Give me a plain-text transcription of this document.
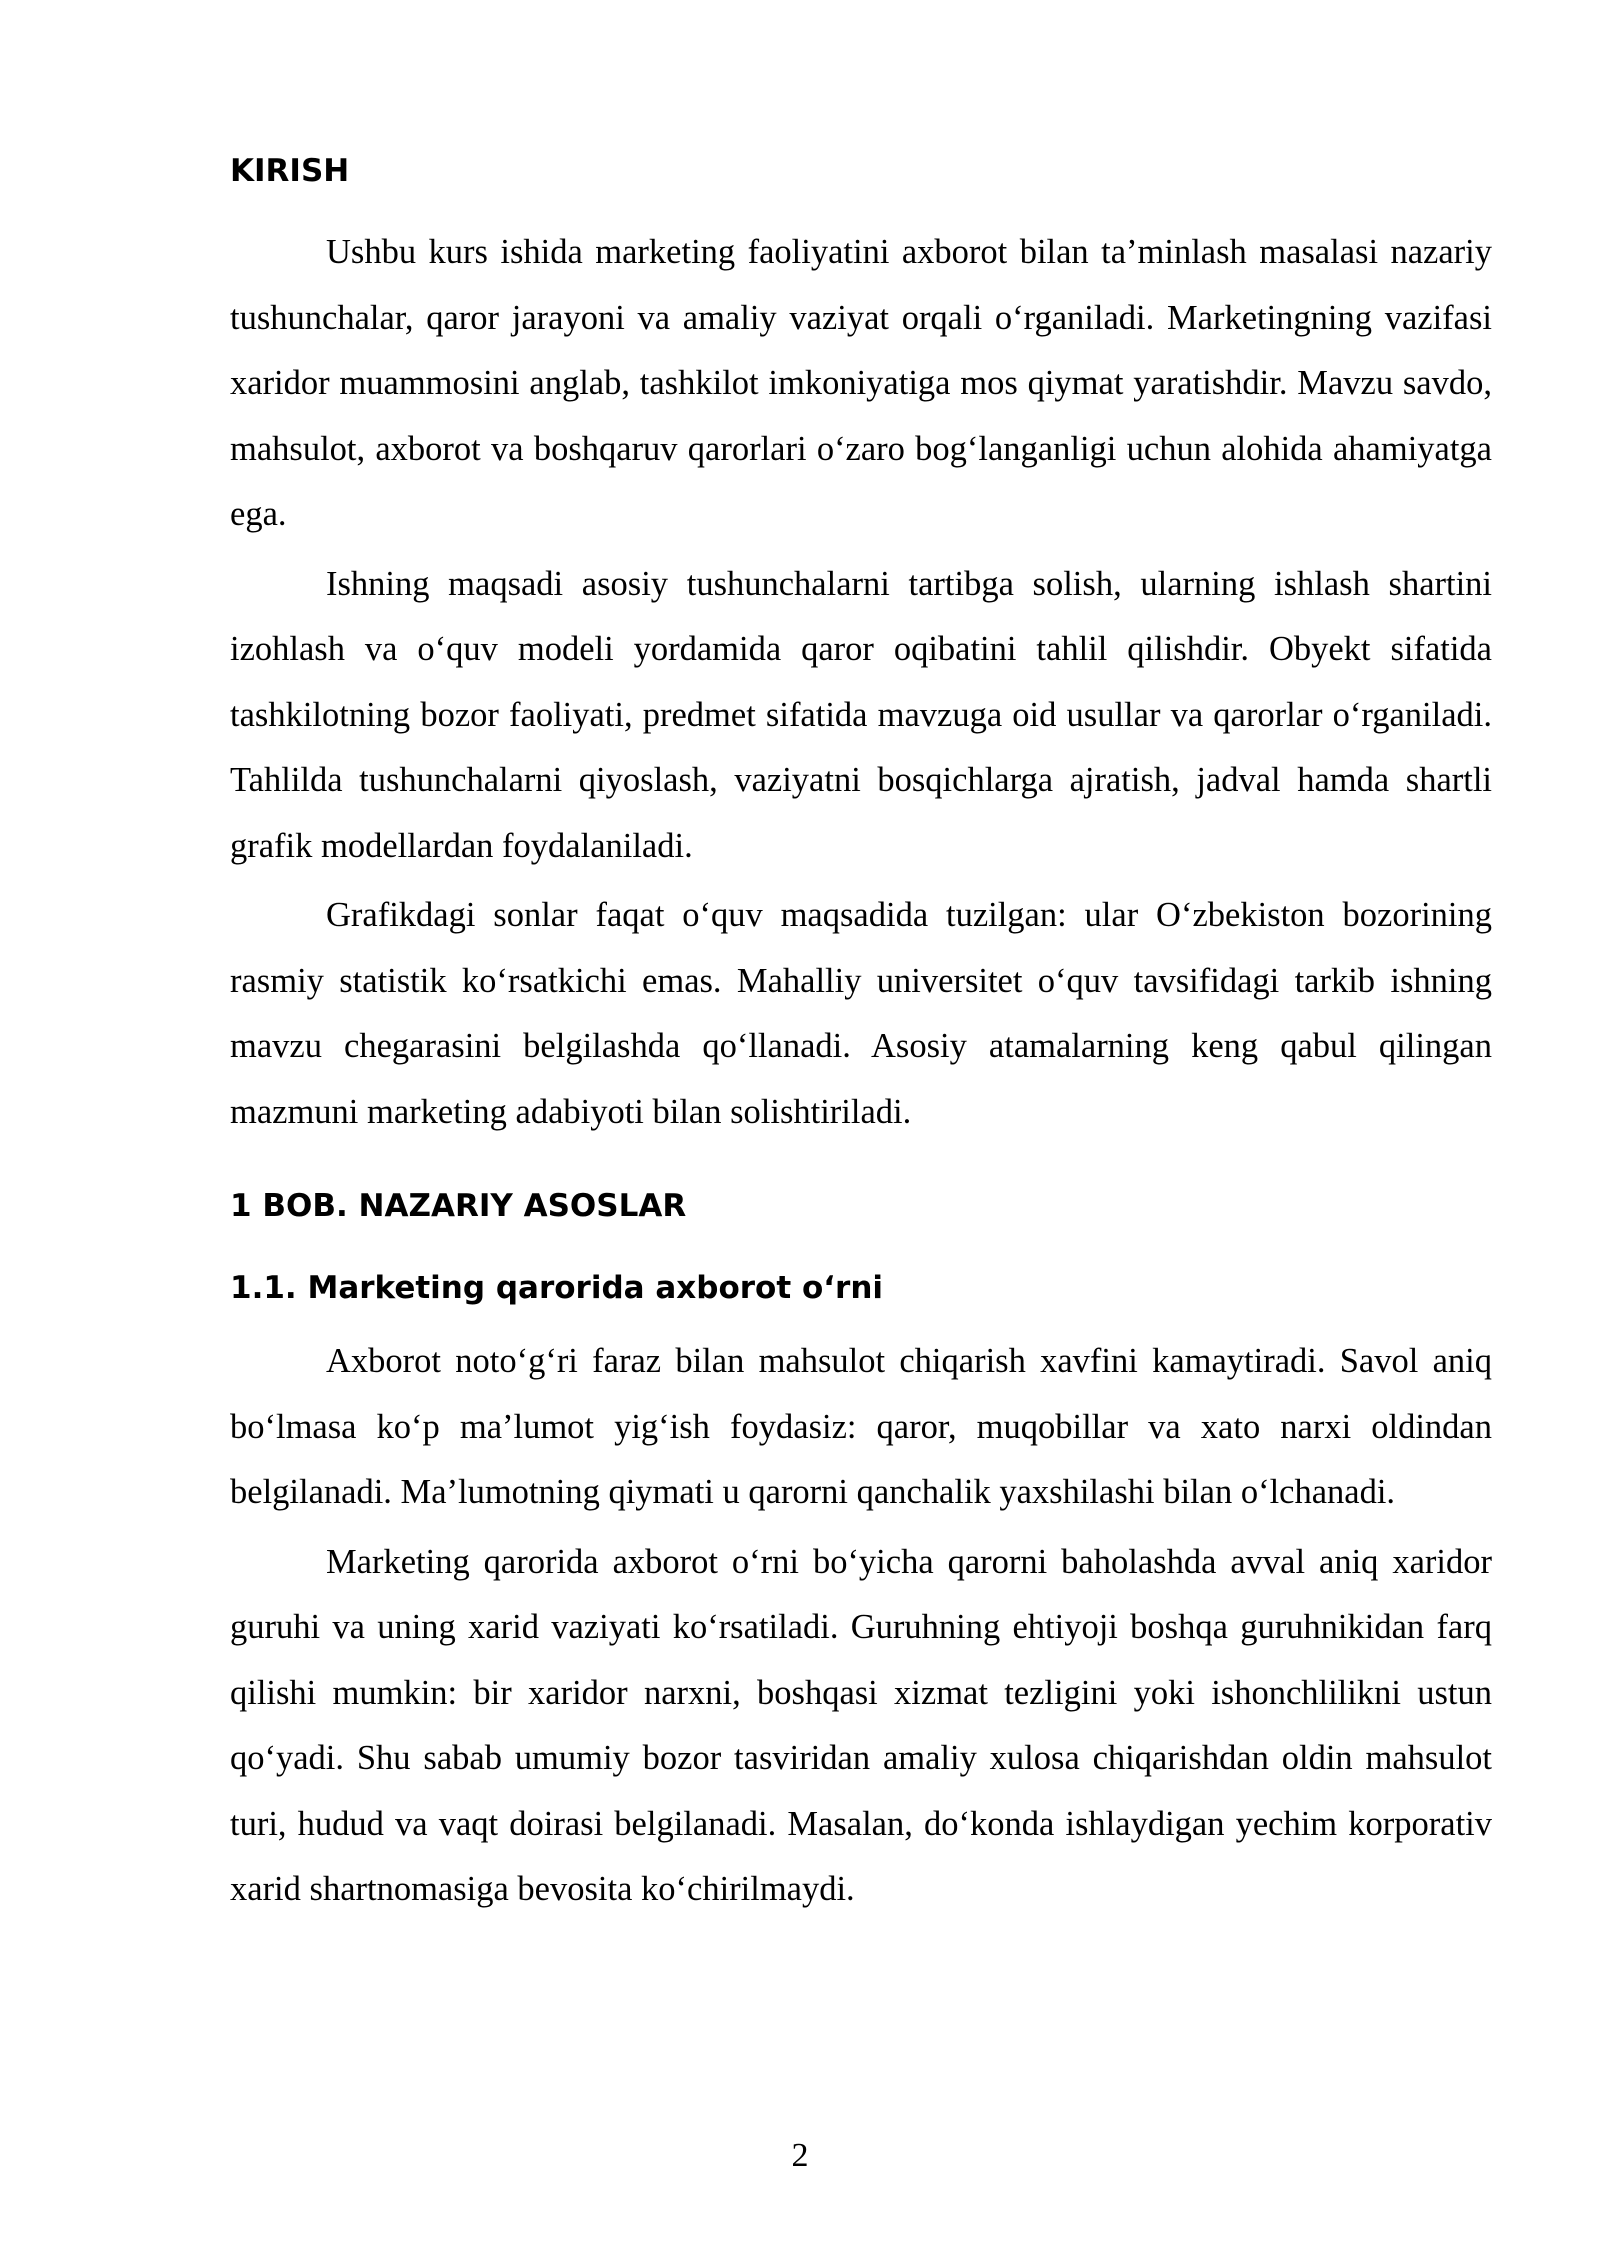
KIRISH

Ushbu kurs ishida marketing faoliyatini axborot bilan ta’minlash masalasi nazariy tushunchalar, qaror jarayoni va amaliy vaziyat orqali o‘rganiladi. Marketingning vazifasi xaridor muammosini anglab, tashkilot imkoniyatiga mos qiymat yaratishdir. Mavzu savdo, mahsulot, axborot va boshqaruv qarorlari o‘zaro bog‘langanligi uchun alohida ahamiyatga ega.

Ishning maqsadi asosiy tushunchalarni tartibga solish, ularning ishlash shartini izohlash va o‘quv modeli yordamida qaror oqibatini tahlil qilishdir. Obyekt sifatida tashkilotning bozor faoliyati, predmet sifatida mavzuga oid usullar va qarorlar o‘rganiladi. Tahlilda tushunchalarni qiyoslash, vaziyatni bosqichlarga ajratish, jadval hamda shartli grafik modellardan foydalaniladi.

Grafikdagi sonlar faqat o‘quv maqsadida tuzilgan: ular O‘zbekiston bozorining rasmiy statistik ko‘rsatkichi emas. Mahalliy universitet o‘quv tavsifidagi tarkib ishning mavzu chegarasini belgilashda qo‘llanadi. Asosiy atamalarning keng qabul qilingan mazmuni marketing adabiyoti bilan solishtiriladi.

1 BOB. NAZARIY ASOSLAR
1.1. Marketing qarorida axborot o‘rni

Axborot noto‘g‘ri faraz bilan mahsulot chiqarish xavfini kamaytiradi. Savol aniq bo‘lmasa ko‘p ma’lumot yig‘ish foydasiz: qaror, muqobillar va xato narxi oldindan belgilanadi. Ma’lumotning qiymati u qarorni qanchalik yaxshilashi bilan o‘lchanadi.

Marketing qarorida axborot o‘rni bo‘yicha qarorni baholashda avval aniq xaridor guruhi va uning xarid vaziyati ko‘rsatiladi. Guruhning ehtiyoji boshqa guruhnikidan farq qilishi mumkin: bir xaridor narxni, boshqasi xizmat tezligini yoki ishonchlilikni ustun qo‘yadi. Shu sabab umumiy bozor tasviridan amaliy xulosa chiqarishdan oldin mahsulot turi, hudud va vaqt doirasi belgilanadi. Masalan, do‘konda ishlaydigan yechim korporativ xarid shartnomasiga bevosita ko‘chirilmaydi.

2
